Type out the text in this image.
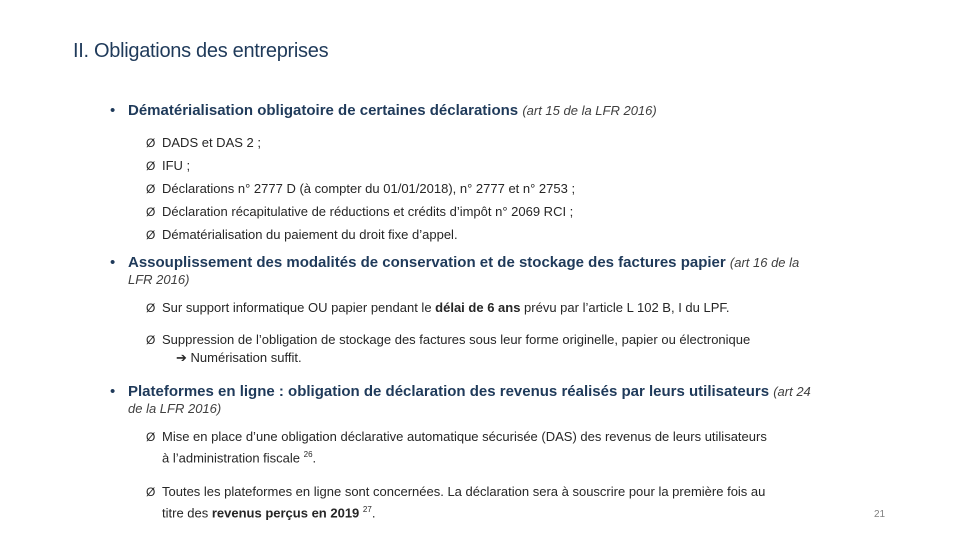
II. Obligations des entreprises
• Dématérialisation obligatoire de certaines déclarations (art 15 de la LFR 2016)
Ø DADS et DAS 2 ;
Ø IFU ;
Ø Déclarations n° 2777 D (à compter du 01/01/2018), n° 2777 et n° 2753 ;
Ø Déclaration récapitulative de réductions et crédits d’impôt n° 2069 RCI ;
Ø Dématérialisation du paiement du droit fixe d’appel.
• Assouplissement des modalités de conservation et de stockage des factures papier (art 16 de la
LFR 2016)
Ø Sur support informatique OU papier pendant le délai de 6 ans prévu par l’article L 102 B, I du LPF.
Ø Suppression de l’obligation de stockage des factures sous leur forme originelle, papier ou électronique
➔ Numérisation suffit.
• Plateformes en ligne : obligation de déclaration des revenus réalisés par leurs utilisateurs (art 24
de la LFR 2016)
Ø Mise en place d’une obligation déclarative automatique sécurisée (DAS) des revenus de leurs utilisateurs
à l’administration fiscale $^{26}$.
Ø Toutes les plateformes en ligne sont concernées. La déclaration sera à souscrire pour la première fois au
titre des revenus perçus en 2019 $^{27}$.	21
